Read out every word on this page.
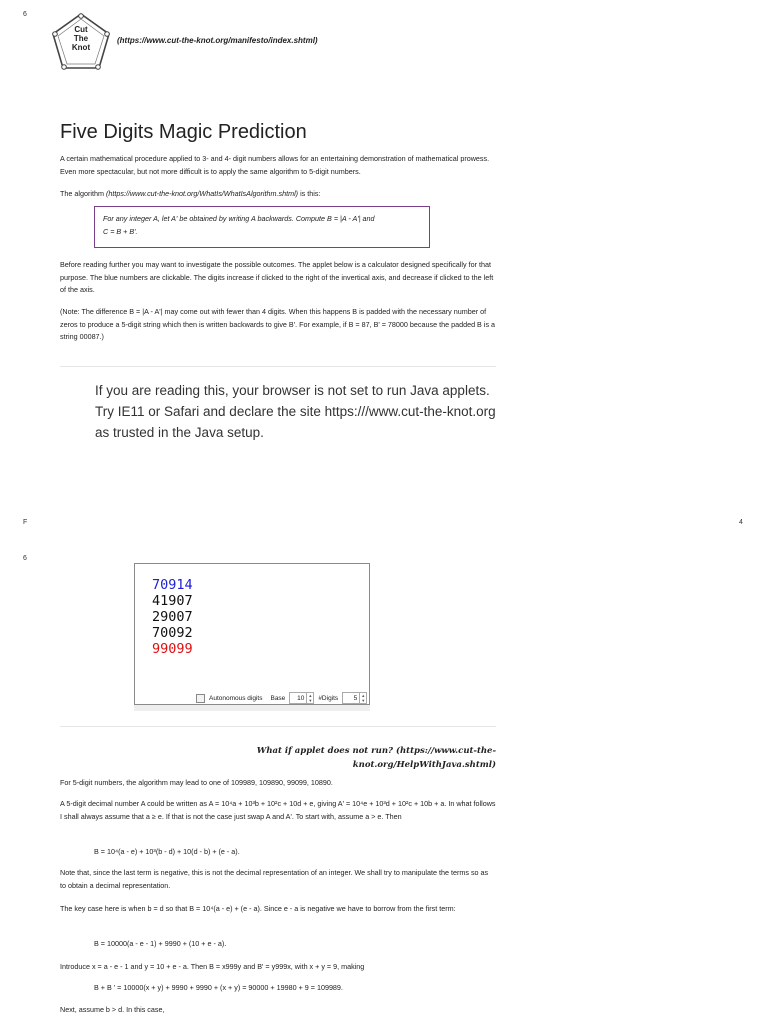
6
F	4
6
Cut
The
Knot
(https://www.cut-the-knot.org/manifesto/index.shtml)
Five Digits Magic Prediction
A certain mathematical procedure applied to 3- and 4- digit numbers allows for an entertaining demonstration of mathematical prowess. Even more spectacular, but not more difficult is to apply the same algorithm to 5-digit numbers.
The algorithm (https://www.cut-the-knot.org/WhatIs/WhatIsAlgorithm.shtml) is this:
For any integer A, let A' be obtained by writing A backwards. Compute B = |A - A'| and
C = B + B'.
Before reading further you may want to investigate the possible outcomes. The applet below is a calculator designed specifically for that purpose. The blue numbers are clickable. The digits increase if clicked to the right of the invertical axis, and decrease if clicked to the left of the axis.
(Note: The difference B = |A - A'| may come out with fewer than 4 digits. When this happens B is padded with the necessary number of zeros to produce a 5-digit string which then is written backwards to give B'. For example, if B = 87, B' = 78000 because the padded B is a string 00087.)
If you are reading this, your browser is not set to run Java applets. Try IE11 or Safari and declare the site https:///www.cut-the-knot.org as trusted in the Java setup.
70914
41907
29007
70092
99099
Autonomous digits Base	10	▲
▼ #Digits	5	▲
▼
What if applet does not run? (https://www.cut-the-
knot.org/HelpWithJava.shtml)
For 5-digit numbers, the algorithm may lead to one of 109989, 109890, 99099, 10890.
A 5-digit decimal number A could be written as A = 10⁴a + 10³b + 10²c + 10d + e, giving A' = 10⁴e + 10³d + 10²c + 10b + a. In what follows I shall always assume that a ≥ e. If that is not the case just swap A and A'. To start with, assume a > e. Then
B = 10⁴(a - e) + 10³(b - d) + 10(d - b) + (e - a).
Note that, since the last term is negative, this is not the decimal representation of an integer. We shall try to manipulate the terms so as to obtain a decimal representation.
The key case here is when b = d so that B = 10⁴(a - e) + (e - a). Since e - a is negative we have to borrow from the first term:
B = 10000(a - e - 1) + 9990 + (10 + e - a).
Introduce x = a - e - 1 and y = 10 + e - a. Then B = x999y and B' = y999x, with x + y = 9, making
B + B ' = 10000(x + y) + 9990 + 9990 + (x + y) = 90000 + 19980 + 9 = 109989.
Next, assume b > d. In this case,
